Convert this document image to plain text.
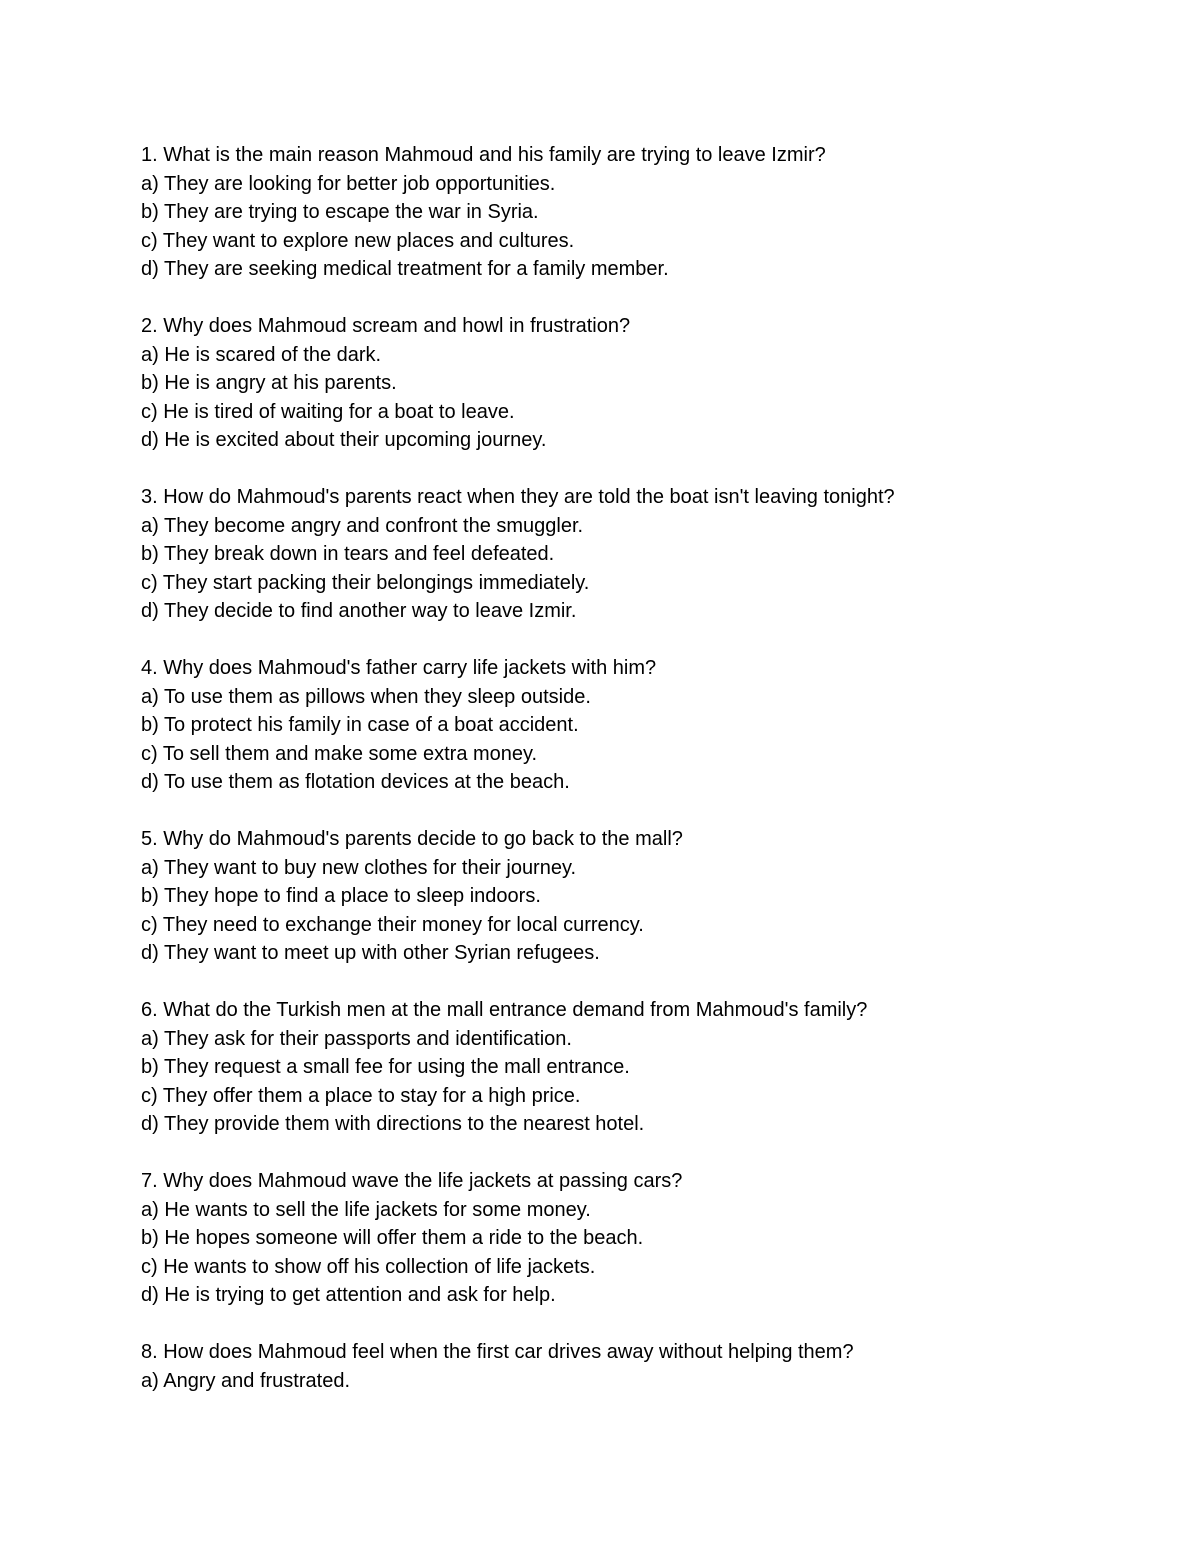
1. What is the main reason Mahmoud and his family are trying to leave Izmir?
a) They are looking for better job opportunities.
b) They are trying to escape the war in Syria.
c) They want to explore new places and cultures.
d) They are seeking medical treatment for a family member.
2. Why does Mahmoud scream and howl in frustration?
a) He is scared of the dark.
b) He is angry at his parents.
c) He is tired of waiting for a boat to leave.
d) He is excited about their upcoming journey.
3. How do Mahmoud's parents react when they are told the boat isn't leaving tonight?
a) They become angry and confront the smuggler.
b) They break down in tears and feel defeated.
c) They start packing their belongings immediately.
d) They decide to find another way to leave Izmir.
4. Why does Mahmoud's father carry life jackets with him?
a) To use them as pillows when they sleep outside.
b) To protect his family in case of a boat accident.
c) To sell them and make some extra money.
d) To use them as flotation devices at the beach.
5. Why do Mahmoud's parents decide to go back to the mall?
a) They want to buy new clothes for their journey.
b) They hope to find a place to sleep indoors.
c) They need to exchange their money for local currency.
d) They want to meet up with other Syrian refugees.
6. What do the Turkish men at the mall entrance demand from Mahmoud's family?
a) They ask for their passports and identification.
b) They request a small fee for using the mall entrance.
c) They offer them a place to stay for a high price.
d) They provide them with directions to the nearest hotel.
7. Why does Mahmoud wave the life jackets at passing cars?
a) He wants to sell the life jackets for some money.
b) He hopes someone will offer them a ride to the beach.
c) He wants to show off his collection of life jackets.
d) He is trying to get attention and ask for help.
8. How does Mahmoud feel when the first car drives away without helping them?
a) Angry and frustrated.
